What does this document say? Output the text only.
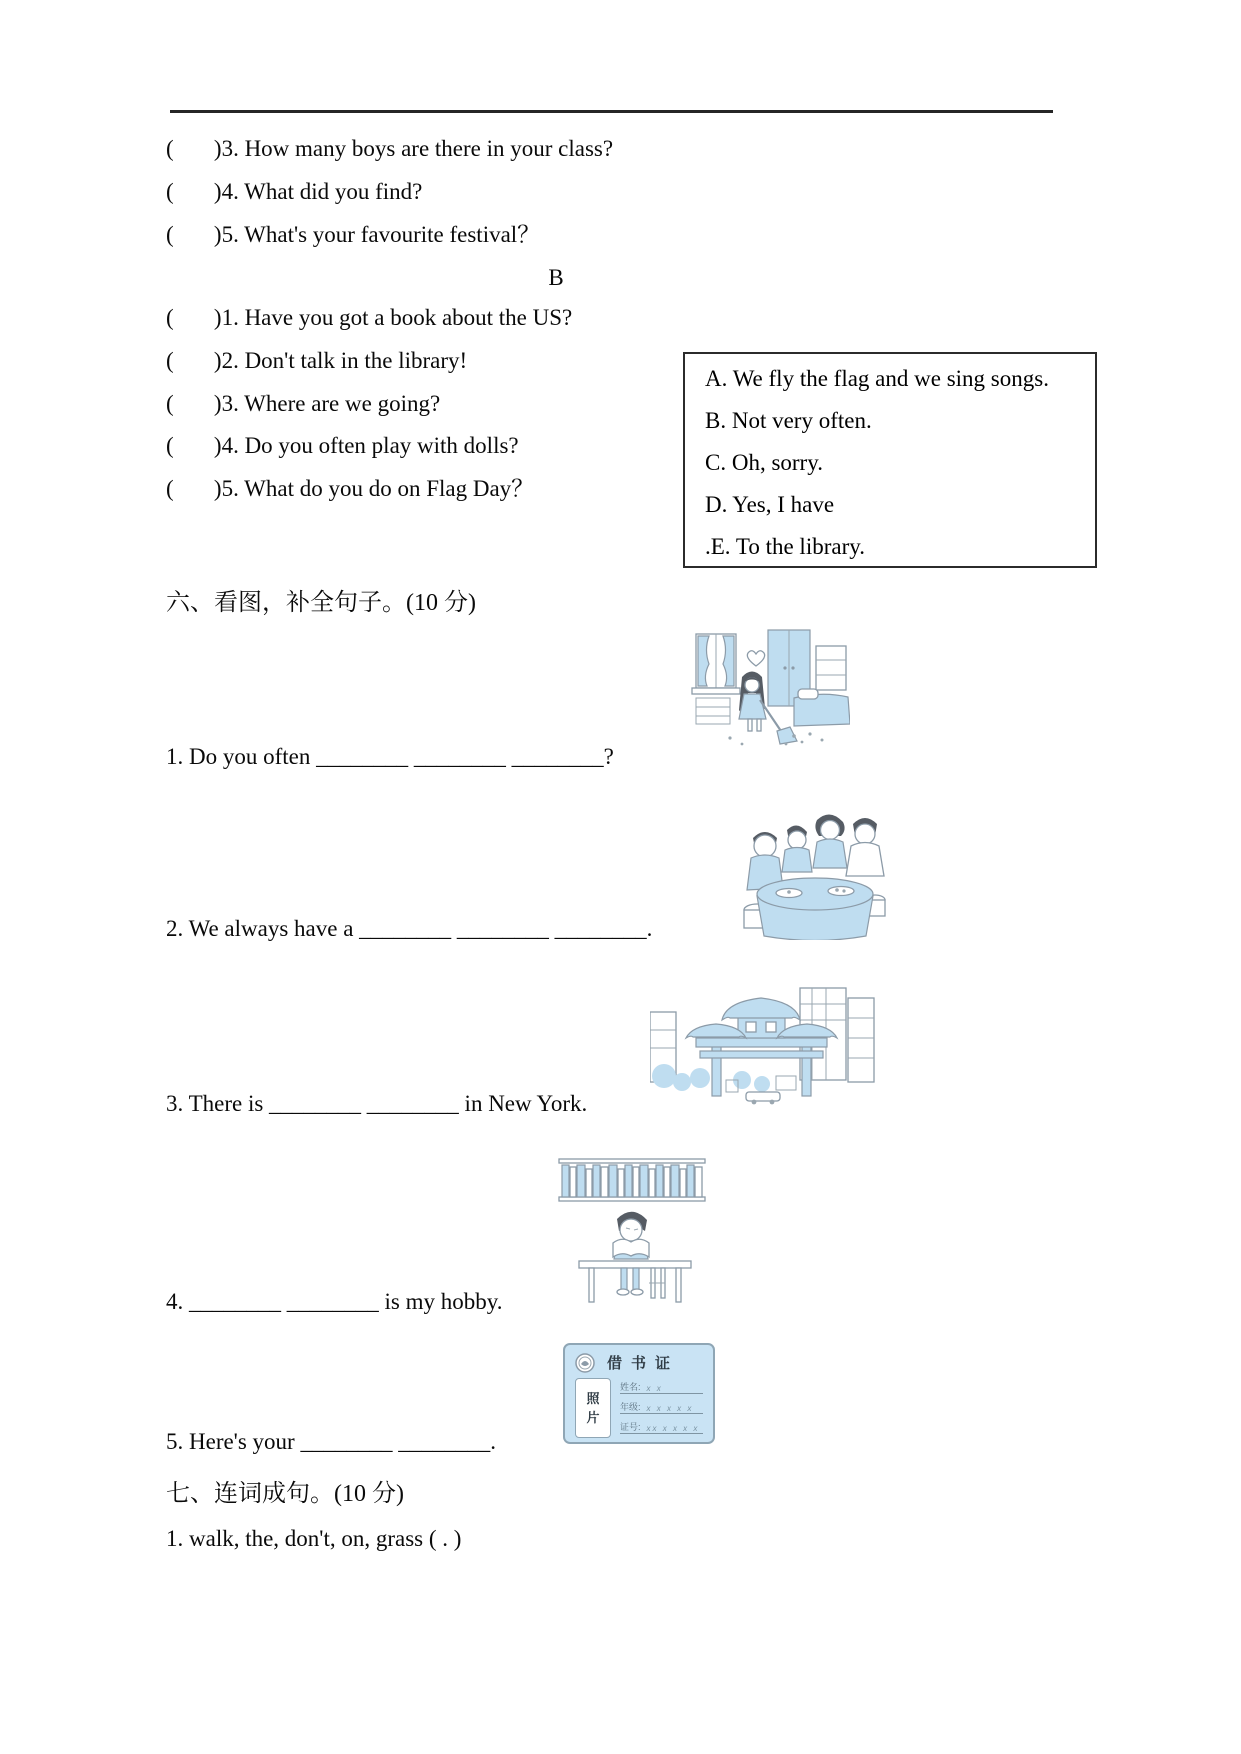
(       )3. How many boys are there in your class?
(       )4. What did you find?
(       )5. What's your favourite festival？
B
(       )1. Have you got a book about the US?
(       )2. Don't talk in the library!
(       )3. Where are we going?
(       )4. Do you often play with dolls?
(       )5. What do you do on Flag Day？
A. We fly the flag and we sing songs.
B. Not very often.
C. Oh, sorry.
D. Yes, I have
.E. To the library.
六、看图，补全句子。(10 分)
1. Do you often ________ ________ ________?
2. We always have a ________ ________ ________.
3. There is ________ ________ in New York.
4. ________ ________ is my hobby.
借书证
照片
姓名: x x
年级: x x x x x
证号: xx x x x x
5. Here's your ________ ________.
七、连词成句。(10 分)
1. walk, the, don't, on, grass ( . )
